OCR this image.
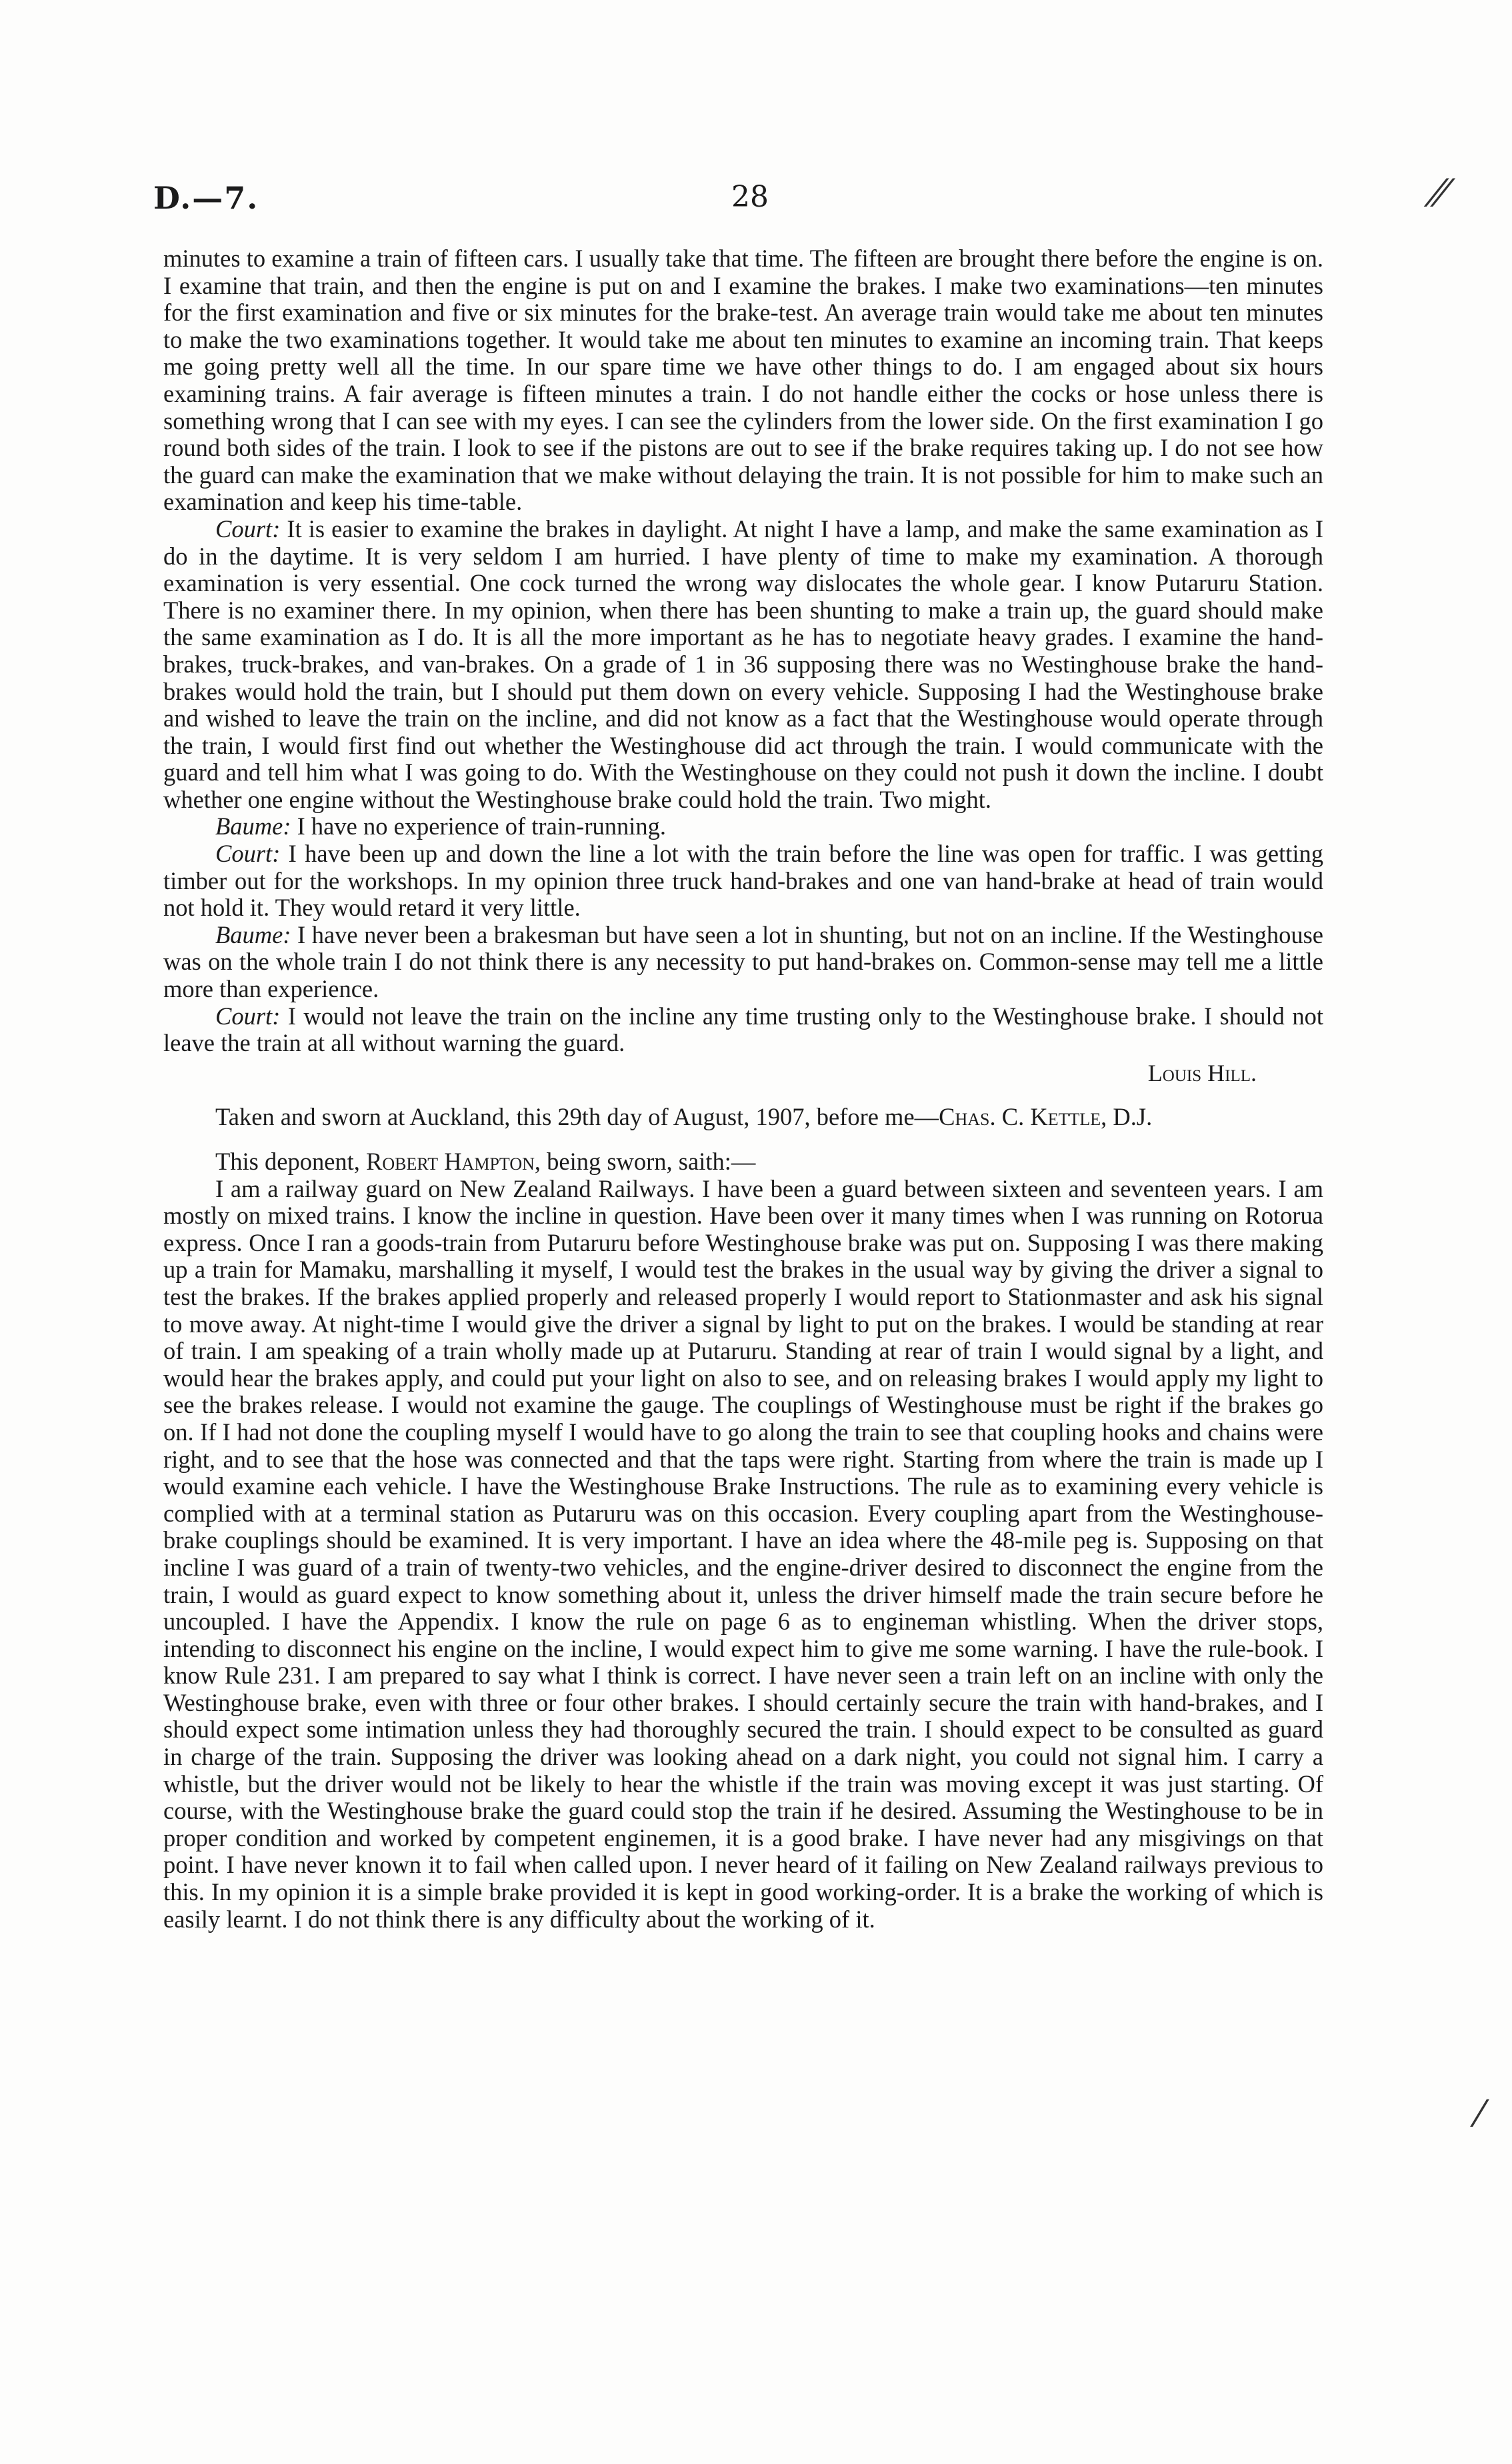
D.—7.	28	⁄⁄
⁄

minutes to examine a train of fifteen cars. I usually take that time. The fifteen are brought there before the engine is on. I examine that train, and then the engine is put on and I examine the brakes. I make two examinations—ten minutes for the first examination and five or six minutes for the brake-test. An average train would take me about ten minutes to make the two examinations together. It would take me about ten minutes to examine an incoming train. That keeps me going pretty well all the time. In our spare time we have other things to do. I am engaged about six hours examining trains. A fair average is fifteen minutes a train. I do not handle either the cocks or hose unless there is something wrong that I can see with my eyes. I can see the cylinders from the lower side. On the first examination I go round both sides of the train. I look to see if the pistons are out to see if the brake requires taking up. I do not see how the guard can make the examination that we make without delaying the train. It is not possible for him to make such an examination and keep his time-table.

Court: It is easier to examine the brakes in daylight. At night I have a lamp, and make the same examination as I do in the daytime. It is very seldom I am hurried. I have plenty of time to make my examination. A thorough examination is very essential. One cock turned the wrong way dislocates the whole gear. I know Putaruru Station. There is no examiner there. In my opinion, when there has been shunting to make a train up, the guard should make the same examination as I do. It is all the more important as he has to negotiate heavy grades. I examine the hand-brakes, truck-brakes, and van-brakes. On a grade of 1 in 36 supposing there was no Westinghouse brake the hand-brakes would hold the train, but I should put them down on every vehicle. Supposing I had the Westinghouse brake and wished to leave the train on the incline, and did not know as a fact that the Westinghouse would operate through the train, I would first find out whether the Westinghouse did act through the train. I would communicate with the guard and tell him what I was going to do. With the Westinghouse on they could not push it down the incline. I doubt whether one engine without the Westinghouse brake could hold the train. Two might.

Baume: I have no experience of train-running.

Court: I have been up and down the line a lot with the train before the line was open for traffic. I was getting timber out for the workshops. In my opinion three truck hand-brakes and one van hand-brake at head of train would not hold it. They would retard it very little.

Baume: I have never been a brakesman but have seen a lot in shunting, but not on an incline. If the Westinghouse was on the whole train I do not think there is any necessity to put hand-brakes on. Common-sense may tell me a little more than experience.

Court: I would not leave the train on the incline any time trusting only to the Westinghouse brake. I should not leave the train at all without warning the guard.

Louis Hill.

Taken and sworn at Auckland, this 29th day of August, 1907, before me—Chas. C. Kettle, D.J.

This deponent, Robert Hampton, being sworn, saith:—

I am a railway guard on New Zealand Railways. I have been a guard between sixteen and seventeen years. I am mostly on mixed trains. I know the incline in question. Have been over it many times when I was running on Rotorua express. Once I ran a goods-train from Putaruru before Westinghouse brake was put on. Supposing I was there making up a train for Mamaku, marshalling it myself, I would test the brakes in the usual way by giving the driver a signal to test the brakes. If the brakes applied properly and released properly I would report to Stationmaster and ask his signal to move away. At night-time I would give the driver a signal by light to put on the brakes. I would be standing at rear of train. I am speaking of a train wholly made up at Putaruru. Standing at rear of train I would signal by a light, and would hear the brakes apply, and could put your light on also to see, and on releasing brakes I would apply my light to see the brakes release. I would not examine the gauge. The couplings of Westinghouse must be right if the brakes go on. If I had not done the coupling myself I would have to go along the train to see that coupling hooks and chains were right, and to see that the hose was connected and that the taps were right. Starting from where the train is made up I would examine each vehicle. I have the Westinghouse Brake Instructions. The rule as to examining every vehicle is complied with at a terminal station as Putaruru was on this occasion. Every coupling apart from the Westinghouse-brake couplings should be examined. It is very important. I have an idea where the 48-mile peg is. Supposing on that incline I was guard of a train of twenty-two vehicles, and the engine-driver desired to disconnect the engine from the train, I would as guard expect to know something about it, unless the driver himself made the train secure before he uncoupled. I have the Appendix. I know the rule on page 6 as to engineman whistling. When the driver stops, intending to disconnect his engine on the incline, I would expect him to give me some warning. I have the rule-book. I know Rule 231. I am prepared to say what I think is correct. I have never seen a train left on an incline with only the Westinghouse brake, even with three or four other brakes. I should certainly secure the train with hand-brakes, and I should expect some intimation unless they had thoroughly secured the train. I should expect to be consulted as guard in charge of the train. Supposing the driver was looking ahead on a dark night, you could not signal him. I carry a whistle, but the driver would not be likely to hear the whistle if the train was moving except it was just starting. Of course, with the Westinghouse brake the guard could stop the train if he desired. Assuming the Westinghouse to be in proper condition and worked by competent enginemen, it is a good brake. I have never had any misgivings on that point. I have never known it to fail when called upon. I never heard of it failing on New Zealand railways previous to this. In my opinion it is a simple brake provided it is kept in good working-order. It is a brake the working of which is easily learnt. I do not think there is any difficulty about the working of it.
